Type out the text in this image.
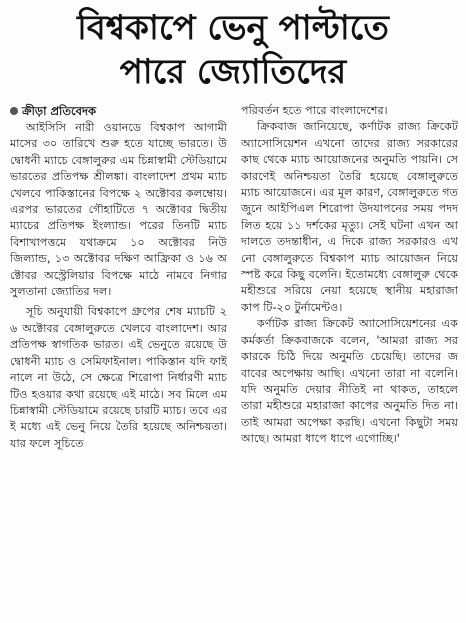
বিশ্বকাপে ভেনু পাল্টাতে
পারে জ্যোতিদের
ক্রীড়া প্রতিবেদক

আইসিসি নারী ওয়ানডে বিশ্বকাপ আগামী মাসের ৩০ তারিখে শুরু হতে যাচ্ছে ভারতে। উদ্বোধনী ম্যাচে বেঙ্গালুরুর এম চিন্নাস্বামী স্টেডিয়ামে ভারতের প্রতিপক্ষ শ্রীলঙ্কা। বাংলাদেশ প্রথম ম্যাচ খেলবে পাকিস্তানের বিপক্ষে ২ অক্টোবর কলম্বোয়। এরপর ভারতের গৌহাটিতে ৭ অক্টোবর দ্বিতীয় ম্যাচের প্রতিপক্ষ ইংল্যান্ড। পরের তিনটি ম্যাচ বিশাখাপত্তমে যথাক্রমে ১০ অক্টোবর নিউজিল্যান্ড, ১৩ অক্টোবর দক্ষিণ আফ্রিকা ও ১৬ অক্টোবর অস্ট্রেলিয়ার বিপক্ষে মাঠে নামবে নিগার সুলতানা জ্যোতির দল।

সূচি অনুযায়ী বিশ্বকাপে গ্রুপের শেষ ম্যাচটি ২৬ অক্টোবর বেঙ্গালুরুতে খেলবে বাংলাদেশ। আর প্রতিপক্ষ স্বাগতিক ভারত। এই ভেনুতে রয়েছে উদ্বোধনী ম্যাচ ও সেমিফাইনাল। পাকিস্তান যদি ফাইনালে না উঠে, সে ক্ষেত্রে শিরোপা নির্ধারণী ম্যাচটিও হওয়ার কথা রয়েছে এই মাঠে। সব মিলে এম চিন্নাস্বামী স্টেডিয়ামে রয়েছে চারটি ম্যাচ। তবে এরই মধ্যে এই ভেনু নিয়ে তৈরি হয়েছে অনিশ্চয়তা। যার ফলে সূচিতে

পরিবর্তন হতে পারে বাংলাদেশের।

ক্রিকবাজ জানিয়েছে, কর্ণাটক রাজ্য ক্রিকেট অ্যাসোসিয়েশন এখনো তাদের রাজ্য সরকারের কাছ থেকে ম্যাচ আয়োজনের অনুমতি পায়নি। সে কারণেই অনিশ্চয়তা তৈরি হয়েছে বেঙ্গালুরুতে ম্যাচ আয়োজনে। এর মূল কারণ, বেঙ্গালুরুতে গত জুনে আইপিএল শিরোপা উদযাপনের সময় পদদলিত হয়ে ১১ দর্শকের মৃত্যু। সেই ঘটনা এখন আদালতে তদন্তাধীন, এ দিকে রাজ্য সরকারও এখনো বেঙ্গালুরুতে বিশ্বকাপ ম্যাচ আয়োজন নিয়ে স্পষ্ট করে কিছু বলেনি। ইতোমধ্যে বেঙ্গালুরু থেকে মহীশুরে সরিয়ে নেয়া হয়েছে স্থানীয় মহারাজা কাপ টি-২০ টুর্নামেন্টও।

কর্ণাটক রাজ্য ক্রিকেট অ্যাসোসিয়েশনের এক কর্মকর্তা ক্রিকবাজকে বলেন, 'আমরা রাজ্য সরকারকে চিঠি দিয়ে অনুমতি চেয়েছি। তাদের জবাবের অপেক্ষায় আছি। এখনো তারা না বলেনি। যদি অনুমতি দেয়ার নীতিই না থাকত, তাহলে তারা মহীশুরে মহারাজা কাপের অনুমতি দিত না। তাই আমরা অপেক্ষা করছি। এখনো কিছুটা সময় আছে। আমরা ধাপে ধাপে এগোচ্ছি।'
